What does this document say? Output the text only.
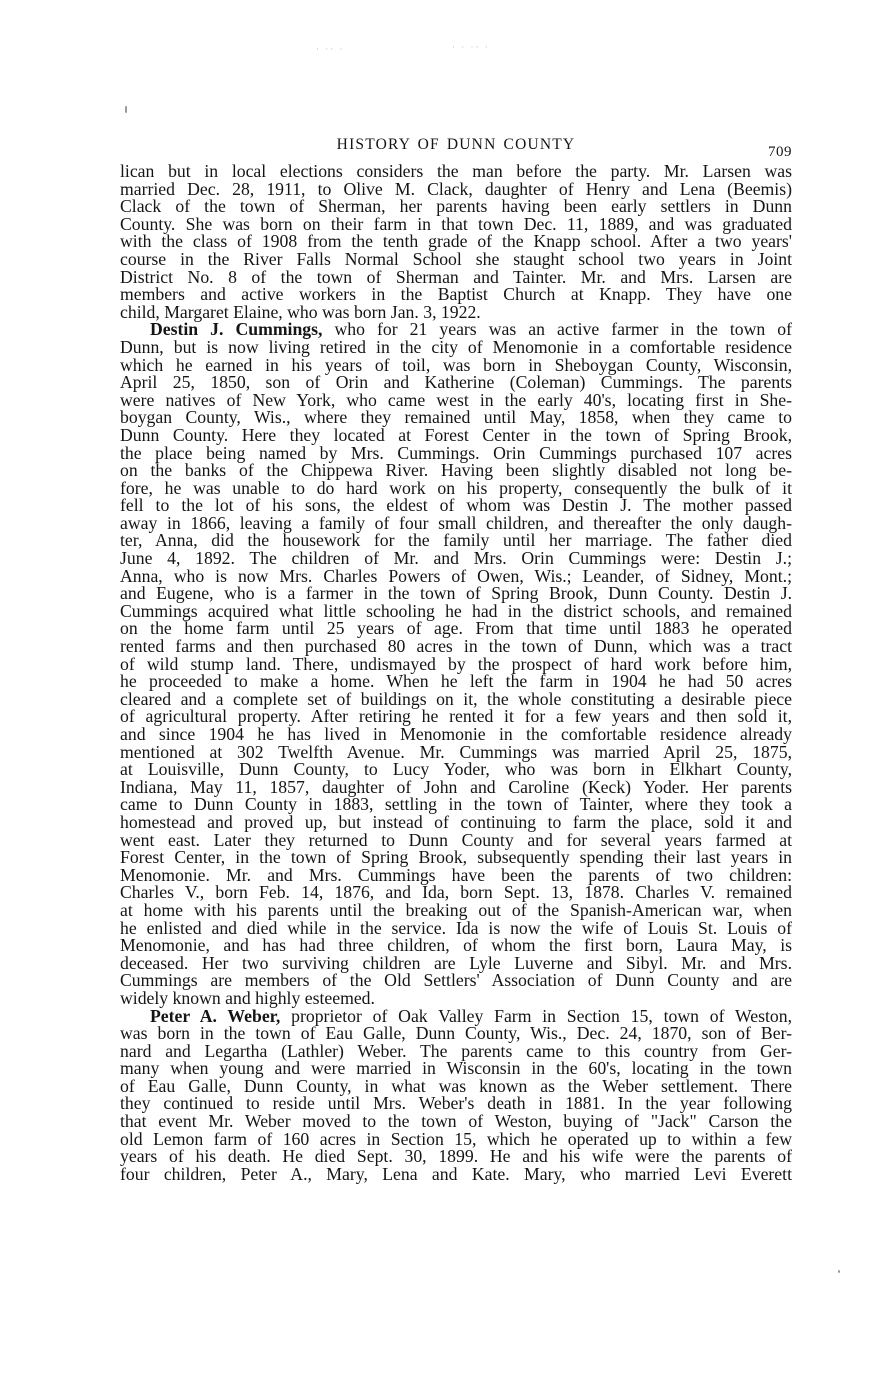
· ·· ·	· · ·· ·
HISTORY OF DUNN COUNTY	709
lican but in local elections considers the man before the party. Mr. Larsen was
married Dec. 28, 1911, to Olive M. Clack, daughter of Henry and Lena (Beemis)
Clack of the town of Sherman, her parents having been early settlers in Dunn
County. She was born on their farm in that town Dec. 11, 1889, and was graduated
with the class of 1908 from the tenth grade of the Knapp school. After a two years'
course in the River Falls Normal School she staught school two years in Joint
District No. 8 of the town of Sherman and Tainter. Mr. and Mrs. Larsen are
members and active workers in the Baptist Church at Knapp. They have one
child, Margaret Elaine, who was born Jan. 3, 1922.
Destin J. Cummings, who for 21 years was an active farmer in the town of
Dunn, but is now living retired in the city of Menomonie in a comfortable residence
which he earned in his years of toil, was born in Sheboygan County, Wisconsin,
April 25, 1850, son of Orin and Katherine (Coleman) Cummings. The parents
were natives of New York, who came west in the early 40's, locating first in She-
boygan County, Wis., where they remained until May, 1858, when they came to
Dunn County. Here they located at Forest Center in the town of Spring Brook,
the place being named by Mrs. Cummings. Orin Cummings purchased 107 acres
on the banks of the Chippewa River. Having been slightly disabled not long be-
fore, he was unable to do hard work on his property, consequently the bulk of it
fell to the lot of his sons, the eldest of whom was Destin J. The mother passed
away in 1866, leaving a family of four small children, and thereafter the only daugh-
ter, Anna, did the housework for the family until her marriage. The father died
June 4, 1892. The children of Mr. and Mrs. Orin Cummings were: Destin J.;
Anna, who is now Mrs. Charles Powers of Owen, Wis.; Leander, of Sidney, Mont.;
and Eugene, who is a farmer in the town of Spring Brook, Dunn County. Destin J.
Cummings acquired what little schooling he had in the district schools, and remained
on the home farm until 25 years of age. From that time until 1883 he operated
rented farms and then purchased 80 acres in the town of Dunn, which was a tract
of wild stump land. There, undismayed by the prospect of hard work before him,
he proceeded to make a home. When he left the farm in 1904 he had 50 acres
cleared and a complete set of buildings on it, the whole constituting a desirable piece
of agricultural property. After retiring he rented it for a few years and then sold it,
and since 1904 he has lived in Menomonie in the comfortable residence already
mentioned at 302 Twelfth Avenue. Mr. Cummings was married April 25, 1875,
at Louisville, Dunn County, to Lucy Yoder, who was born in Elkhart County,
Indiana, May 11, 1857, daughter of John and Caroline (Keck) Yoder. Her parents
came to Dunn County in 1883, settling in the town of Tainter, where they took a
homestead and proved up, but instead of continuing to farm the place, sold it and
went east. Later they returned to Dunn County and for several years farmed at
Forest Center, in the town of Spring Brook, subsequently spending their last years in
Menomonie. Mr. and Mrs. Cummings have been the parents of two children:
Charles V., born Feb. 14, 1876, and Ida, born Sept. 13, 1878. Charles V. remained
at home with his parents until the breaking out of the Spanish-American war, when
he enlisted and died while in the service. Ida is now the wife of Louis St. Louis of
Menomonie, and has had three children, of whom the first born, Laura May, is
deceased. Her two surviving children are Lyle Luverne and Sibyl. Mr. and Mrs.
Cummings are members of the Old Settlers' Association of Dunn County and are
widely known and highly esteemed.
Peter A. Weber, proprietor of Oak Valley Farm in Section 15, town of Weston,
was born in the town of Eau Galle, Dunn County, Wis., Dec. 24, 1870, son of Ber-
nard and Legartha (Lathler) Weber. The parents came to this country from Ger-
many when young and were married in Wisconsin in the 60's, locating in the town
of Eau Galle, Dunn County, in what was known as the Weber settlement. There
they continued to reside until Mrs. Weber's death in 1881. In the year following
that event Mr. Weber moved to the town of Weston, buying of "Jack" Carson the
old Lemon farm of 160 acres in Section 15, which he operated up to within a few
years of his death. He died Sept. 30, 1899. He and his wife were the parents of
four children, Peter A., Mary, Lena and Kate. Mary, who married Levi Everett
